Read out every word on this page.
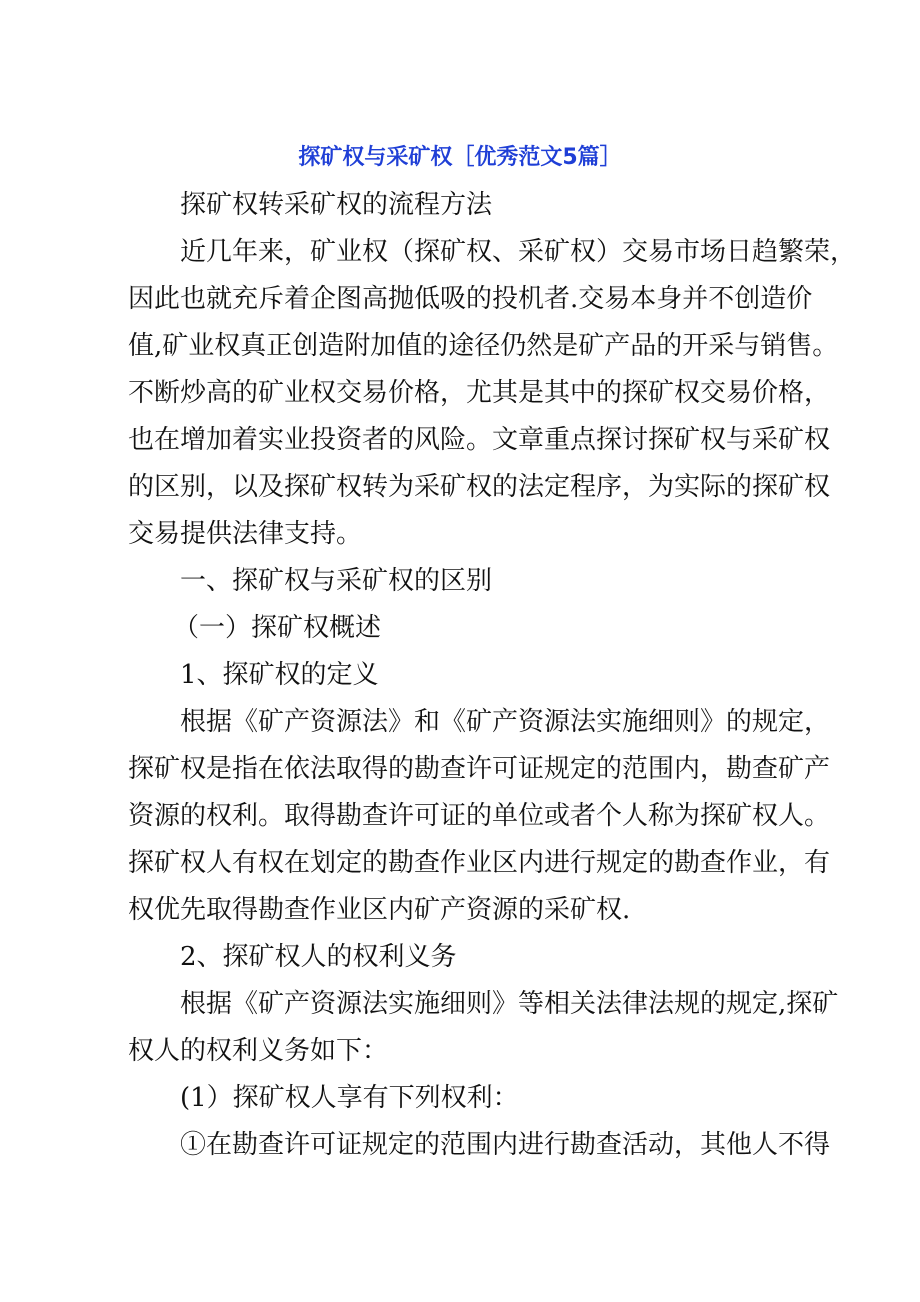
探矿权与采矿权［优秀范文5篇］
探矿权转采矿权的流程方法
近几年来，矿业权（探矿权、采矿权）交易市场日趋繁荣，
因此也就充斥着企图高抛低吸的投机者.交易本身并不创造价
值,矿业权真正创造附加值的途径仍然是矿产品的开采与销售。
不断炒高的矿业权交易价格，尤其是其中的探矿权交易价格，
也在增加着实业投资者的风险。文章重点探讨探矿权与采矿权
的区别，以及探矿权转为采矿权的法定程序，为实际的探矿权
交易提供法律支持。
一、探矿权与采矿权的区别
（一）探矿权概述
1、探矿权的定义
根据《矿产资源法》和《矿产资源法实施细则》的规定，
探矿权是指在依法取得的勘查许可证规定的范围内，勘查矿产
资源的权利。取得勘查许可证的单位或者个人称为探矿权人。
探矿权人有权在划定的勘查作业区内进行规定的勘查作业，有
权优先取得勘查作业区内矿产资源的采矿权.
2、探矿权人的权利义务
根据《矿产资源法实施细则》等相关法律法规的规定,探矿
权人的权利义务如下：
(1）探矿权人享有下列权利：
①在勘查许可证规定的范围内进行勘查活动，其他人不得
